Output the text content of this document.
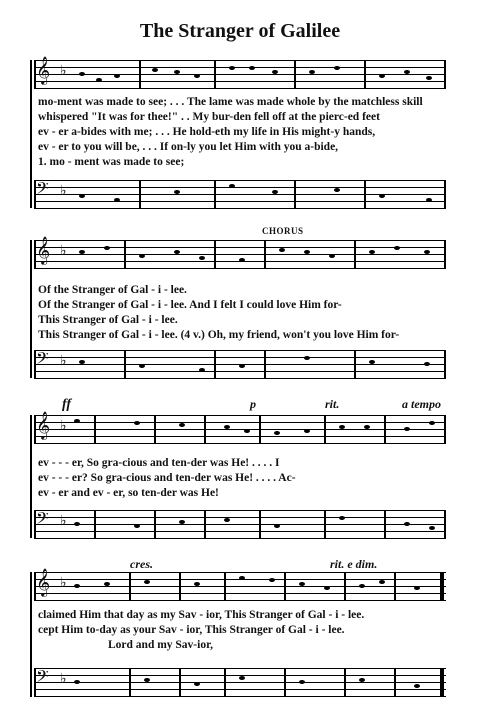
The Stranger of Galilee
𝄞 ♭
mo-ment was made to see; . . . The lame was made whole by the matchless skill
whispered "It was for thee!" . . My bur-den fell off at the pierc-ed feet
ev - er a-bides with me; . . . He hold-eth my life in His might-y hands,
ev - er to you will be, . . . If on-ly you let Him with you a-bide,
1. mo - ment was made to see;
𝄢 ♭
CHORUS
𝄞 ♭
Of the Stranger of Gal - i - lee.
Of the Stranger of Gal - i - lee. And I felt I could love Him for-
This Stranger of Gal - i - lee.
This Stranger of Gal - i - lee. (4 v.) Oh, my friend, won't you love Him for-
𝄢 ♭
ff	p	rit.	a tempo
𝄞 ♭
ev - - - er, So gra-cious and ten-der was He! . . . . I
ev - - - er? So gra-cious and ten-der was He! . . . . Ac-
ev - er and ev - er, so ten-der was He!
𝄢 ♭
cres.	rit. e dim.
𝄞 ♭
claimed Him that day as my Sav - ior, This Stranger of Gal - i - lee.
cept Him to-day as your Sav - ior, This Stranger of Gal - i - lee.
Lord and my Sav-ior,
𝄢 ♭
